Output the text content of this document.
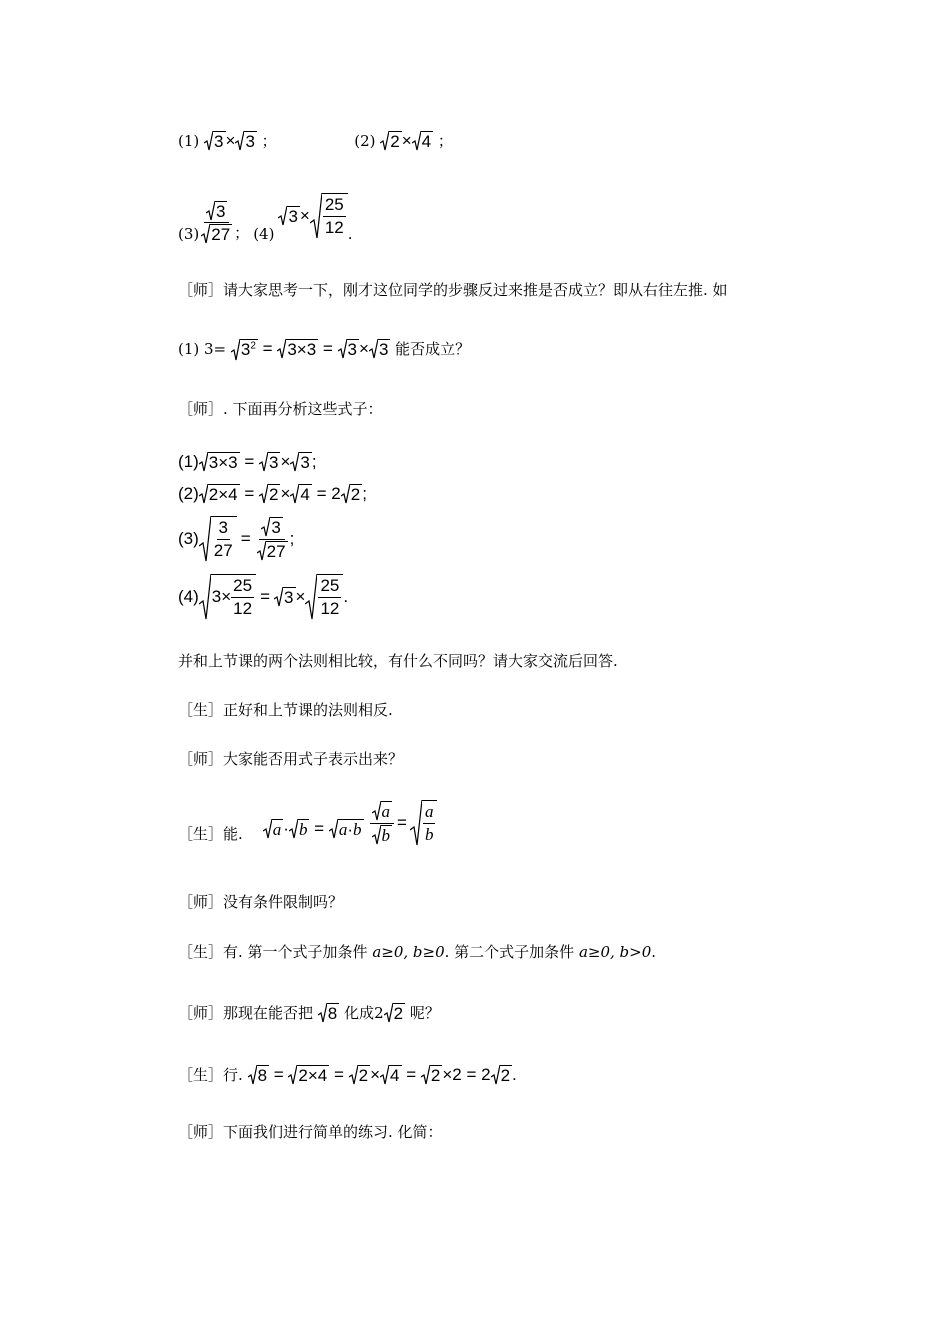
(1) 3 × 3 ；	(2) 2 × 4 ；
$(3) \frac{3}{27}$ ； (4)
$3 \times \frac{25}{12}$ .
［师］请大家思考一下，刚才这位同学的步骤反过来推是否成立？即从右往左推. 如
(1) $3= 3^2 = 3\times 3 = 3 \times 3$ 能否成立？
［师］. 下面再分析这些式子：
(1) 3×3 = 3 × 3 ;
(2) 2×4 = 2 × 4 = 2 2 ;
$(3) \frac{3}{27} = \frac{3}{27}$ ;
(4) $3\times \frac{25}{12} = 3 \times \frac{25}{12}$ .
并和上节课的两个法则相比较，有什么不同吗？请大家交流后回答.
［生］正好和上节课的法则相反.
［师］大家能否用式子表示出来？
［生］能. $a \cdot b = a\cdot b \frac{a}{b} = \frac{a}{b}$
［师］没有条件限制吗？
［生］有. 第一个式子加条件 a≥0, b≥0. 第二个式子加条件 a≥0, b>0.
［师］那现在能否把 8 化成2 2 呢？
［生］行. 8 = 2×4 = 2 × 4 = 2 ×2 = 2 2 .
［师］下面我们进行简单的练习. 化简：
